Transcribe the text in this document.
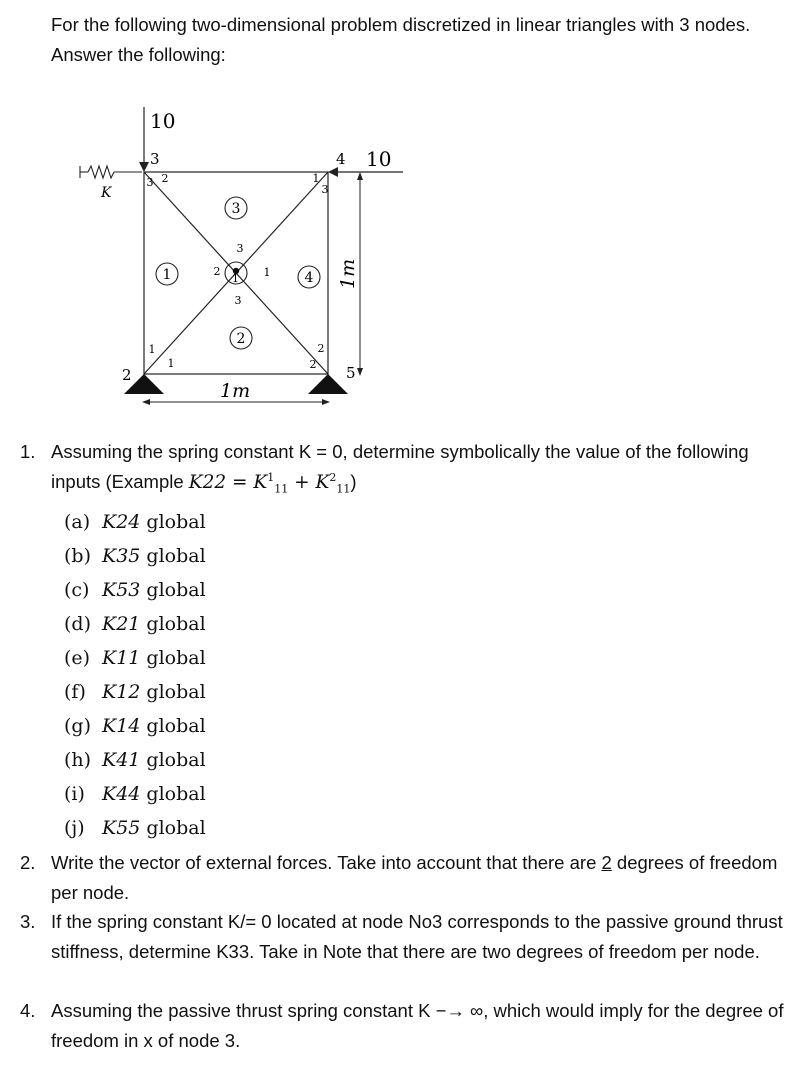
For the following two-dimensional problem discretized in linear triangles with 3 nodes. Answer the following:
10
10
K
1m
1m
1
2
3	4
5
1
2
3
4
3
2
1
2
3
1
1
3
2
3
1
2
1. Assuming the spring constant K = 0, determine symbolically the value of the following inputs (Example $K22 = K^1_{11} + K^2_{11}$)
(a) K24 global
(b) K35 global
(c) K53 global
(d) K21 global
(e) K11 global
(f) K12 global
(g) K14 global
(h) K41 global
(i) K44 global
(j) K55 global
2. Write the vector of external forces. Take into account that there are 2 degrees of freedom per node.
3. If the spring constant K/= 0 located at node No3 corresponds to the passive ground thrust stiffness, determine K33. Take in Note that there are two degrees of freedom per node.
4. Assuming the passive thrust spring constant K −→ ∞, which would imply for the degree of freedom in x of node 3.
